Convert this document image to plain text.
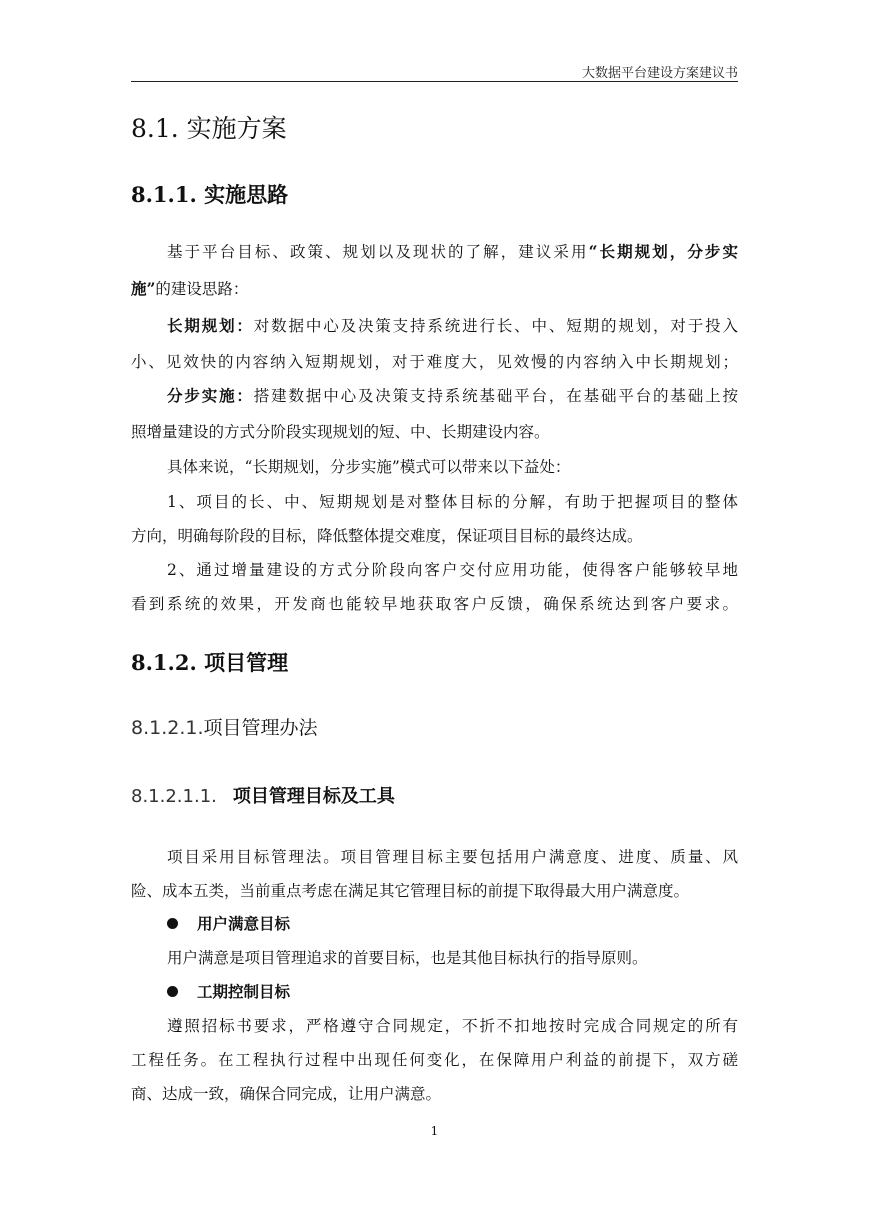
大数据平台建设方案建议书
8.1. 实施方案
8.1.1. 实施思路
基于平台目标、政策、规划以及现状的了解，建议采用“长期规划，分步实
施”的建设思路：
长期规划：对数据中心及决策支持系统进行长、中、短期的规划，对于投入
小、见效快的内容纳入短期规划，对于难度大，见效慢的内容纳入中长期规划；
分步实施：搭建数据中心及决策支持系统基础平台，在基础平台的基础上按
照增量建设的方式分阶段实现规划的短、中、长期建设内容。
具体来说，“长期规划，分步实施”模式可以带来以下益处：
1、项目的长、中、短期规划是对整体目标的分解，有助于把握项目的整体
方向，明确每阶段的目标，降低整体提交难度，保证项目目标的最终达成。
2、通过增量建设的方式分阶段向客户交付应用功能，使得客户能够较早地
看到系统的效果，开发商也能较早地获取客户反馈，确保系统达到客户要求。
8.1.2. 项目管理
8.1.2.1.项目管理办法
8.1.2.1.1. 项目管理目标及工具
项目采用目标管理法。项目管理目标主要包括用户满意度、进度、质量、风
险、成本五类，当前重点考虑在满足其它管理目标的前提下取得最大用户满意度。
用户满意目标
用户满意是项目管理追求的首要目标，也是其他目标执行的指导原则。
工期控制目标
遵照招标书要求，严格遵守合同规定，不折不扣地按时完成合同规定的所有
工程任务。在工程执行过程中出现任何变化，在保障用户利益的前提下，双方磋
商、达成一致，确保合同完成，让用户满意。
1
